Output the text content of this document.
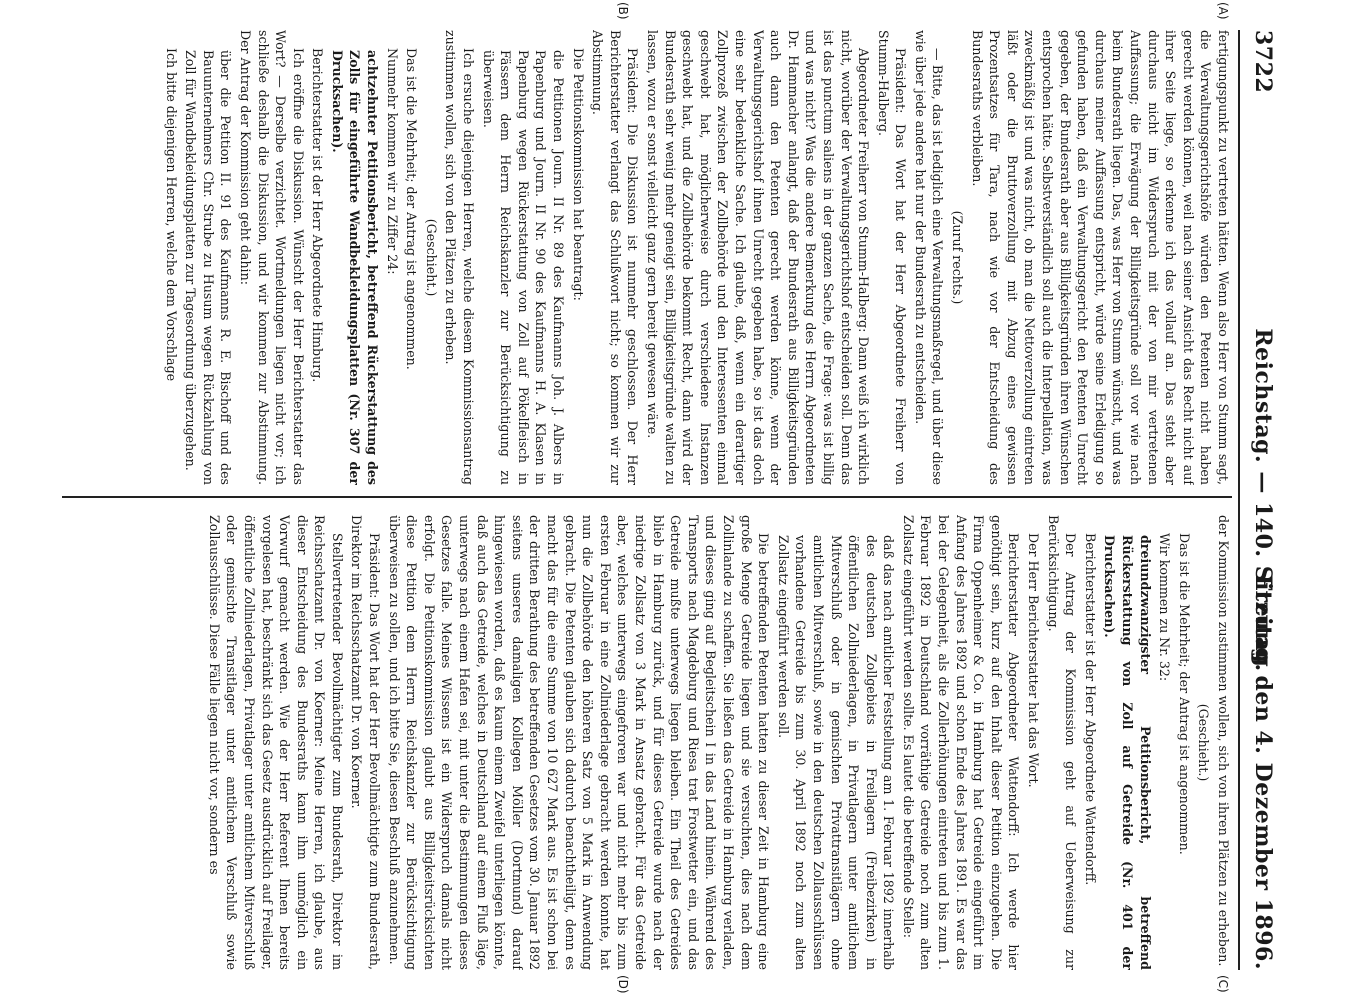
3722
Reichstag. — 140. Sitzung.
Freitag den 4. Dezember 1896.
(A)
(B)
(C)
(D)

fertigungspunkt zu vertreten hätten. Wenn also Herr von Stumm sagt, die Verwaltungsgerichtshöfe würden den Petenten nicht haben gerecht werden können, weil nach seiner Ansicht das Recht nicht auf ihrer Seite liege, so erkenne ich das vollauf an. Das steht aber durchaus nicht im Widerspruch mit der von mir vertretenen Auffassung; die Erwägung der Billigkeitsgründe soll vor wie nach beim Bundesrath liegen. Das, was Herr von Stumm wünscht, und was durchaus meiner Auffassung entspricht, würde seine Erledigung so gefunden haben, daß ein Verwaltungsgericht den Petenten Unrecht gegeben, der Bundesrath aber aus Billigkeitsgründen ihren Wünschen entsprochen hätte. Selbstverständlich soll auch die Interpellation, was zweckmäßig ist und was nicht, ob man die Nettoverzollung eintreten läßt oder die Bruttoverzollung mit Abzug eines gewissen Prozentsatzes für Tara, nach wie vor der Entscheidung des Bundesraths verbleiben.

(Zuruf rechts.)

— Bitte, das ist lediglich eine Verwaltungsmaßregel, und über diese wie über jede andere hat nur der Bundesrath zu entscheiden.

Präsident: Das Wort hat der Herr Abgeordnete Freiherr von Stumm-Halberg.

Abgeordneter Freiherr von Stumm-Halberg: Dann weiß ich wirklich nicht, worüber der Verwaltungsgerichtshof entscheiden soll. Denn das ist das punctum saliens in der ganzen Sache, die Frage: was ist billig und was nicht? Was die andere Bemerkung des Herrn Abgeordneten Dr. Hammacher anlangt, daß der Bundesrath aus Billigkeitsgründen auch dann den Petenten gerecht werden könne, wenn der Verwaltungsgerichtshof ihnen Unrecht gegeben habe, so ist das doch eine sehr bedenkliche Sache. Ich glaube, daß, wenn ein derartiger Zollprozeß zwischen der Zollbehörde und den Interessenten einmal geschwebt hat, möglicherweise durch verschiedene Instanzen geschwebt hat, und die Zollbehörde bekommt Recht, dann wird der Bundesrath sehr wenig mehr geneigt sein, Billigkeitsgründe walten zu lassen, wozu er sonst vielleicht ganz gern bereit gewesen wäre.

Präsident: Die Diskussion ist nunmehr geschlossen. Der Herr Berichterstatter verlangt das Schlußwort nicht; so kommen wir zur Abstimmung.

Die Petitionskommission hat beantragt:

die Petitionen Journ. II Nr. 89 des Kaufmanns Joh. J. Albers in Papenburg und Journ. II Nr. 90 des Kaufmanns H. A. Klasen in Papenburg wegen Rückerstattung von Zoll auf Pökelfleisch in Fässern dem Herrn Reichskanzler zur Berücksichtigung zu überweisen.

Ich ersuche diejenigen Herren, welche diesem Kommissionsantrag zustimmen wollen, sich von den Plätzen zu erheben.

(Geschieht.)

Das ist die Mehrheit; der Antrag ist angenommen.

Nunmehr kommen wir zu Ziffer 24:

achtzehnter Petitionsbericht, betreffend Rückerstattung des Zolls für eingeführte Wandbekleidungsplatten (Nr. 307 der Drucksachen).

Berichterstatter ist der Herr Abgeordnete Himburg.

Ich eröffne die Diskussion. Wünscht der Herr Berichterstatter das Wort? — Derselbe verzichtet. Wortmeldungen liegen nicht vor; ich schließe deshalb die Diskussion, und wir kommen zur Abstimmung. Der Antrag der Kommission geht dahin:

über die Petition II. 91 des Kaufmanns R. E. Bischoff und des Bauunternehmers Chr. Strube zu Husum wegen Rückzahlung von Zoll für Wandbekleidungsplatten zur Tagesordnung überzugehen.

Ich bitte diejenigen Herren, welche dem Vorschlage

der Kommission zustimmen wollen, sich von ihren Plätzen zu erheben.

(Geschieht.)

Das ist die Mehrheit; der Antrag ist angenommen.

Wir kommen zu Nr. 32:

dreiundzwanzigster Petitionsbericht, betreffend Rückerstattung von Zoll auf Getreide (Nr. 401 der Drucksachen).

Berichterstatter ist der Herr Abgeordnete Wattendorff.

Der Antrag der Kommission geht auf Ueberweisung zur Berücksichtigung.

Der Herr Berichterstatter hat das Wort.

Berichterstatter Abgeordneter Wattendorff: Ich werde hier genöthigt sein, kurz auf den Inhalt dieser Petition einzugehen. Die Firma Oppenheimer & Co. in Hamburg hat Getreide eingeführt im Anfang des Jahres 1892 und schon Ende des Jahres 1891. Es war das bei der Gelegenheit, als die Zollerhöhungen eintreten und bis zum 1. Februar 1892 in Deutschland vorräthige Getreide noch zum alten Zollsatz eingeführt werden sollte. Es lautet die betreffende Stelle:

daß das nach amtlicher Feststellung am 1. Februar 1892 innerhalb des deutschen Zollgebiets in Freilagern (Freibezirken) in öffentlichen Zollniederlagen, in Privatlagern unter amtlichem Mitverschluß oder in gemischten Privattransitlägern ohne amtlichen Mitverschluß, sowie in den deutschen Zollausschlüssen vorhandene Getreide bis zum 30. April 1892 noch zum alten Zollsatz eingeführt werden soll.

Die betreffenden Petenten hatten zu dieser Zeit in Hamburg eine große Menge Getreide liegen und sie versuchten, dies nach dem Zollinlande zu schaffen. Sie ließen das Getreide in Hamburg verladen, und dieses ging auf Begleitschein I in das Land hinein. Während des Transports nach Magdeburg und Riesa trat Frostwetter ein, und das Getreide mußte unterwegs liegen bleiben. Ein Theil des Getreides blieb in Hamburg zurück, und für dieses Getreide wurde nach der niedrige Zollsatz von 3 Mark in Ansatz gebracht. Für das Getreide aber, welches unterwegs eingefroren war und nicht mehr bis zum ersten Februar in eine Zollniederlage gebracht werden konnte, hat nun die Zollbehörde den höheren Satz von 5 Mark in Anwendung gebracht. Die Petenten glauben sich dadurch benachtheiligt, denn es macht das für die eine Summe von 10 627 Mark aus. Es ist schon bei der dritten Berathung des betreffenden Gesetzes vom 30. Januar 1892 seitens unseres damaligen Kollegen Möller (Dortmund) darauf hingewiesen worden, daß es kaum einem Zweifel unterliegen könnte, daß auch das Getreide, welches in Deutschland auf einem Fluß läge, unterwegs nach einem Hafen sei, mit unter die Bestimmungen dieses Gesetzes falle. Meines Wissens ist ein Widerspruch damals nicht erfolgt. Die Petitionskommission glaubt aus Billigkeitsrücksichten diese Petition dem Herrn Reichskanzler zur Berücksichtigung überweisen zu sollen, und ich bitte Sie, diesen Beschluß anzunehmen.

Präsident: Das Wort hat der Herr Bevollmächtigte zum Bundesrath, Direktor im Reichsschatzamt Dr. von Koerner.

Stellvertretender Bevollmächtigter zum Bundesrath, Direktor im Reichsschatzamt Dr. von Koerner: Meine Herren, ich glaube, aus dieser Entscheidung des Bundesraths kann ihm unmöglich ein Vorwurf gemacht werden. Wie der Herr Referent Ihnen bereits vorgelesen hat, beschränkt sich das Gesetz ausdrücklich auf Freilager, öffentliche Zollniederlagen, Privatlager unter amtlichem Mitverschluß oder gemischte Transitlager unter amtlichem Verschluß sowie Zollausschlüsse. Diese Fälle liegen nicht vor, sondern es
